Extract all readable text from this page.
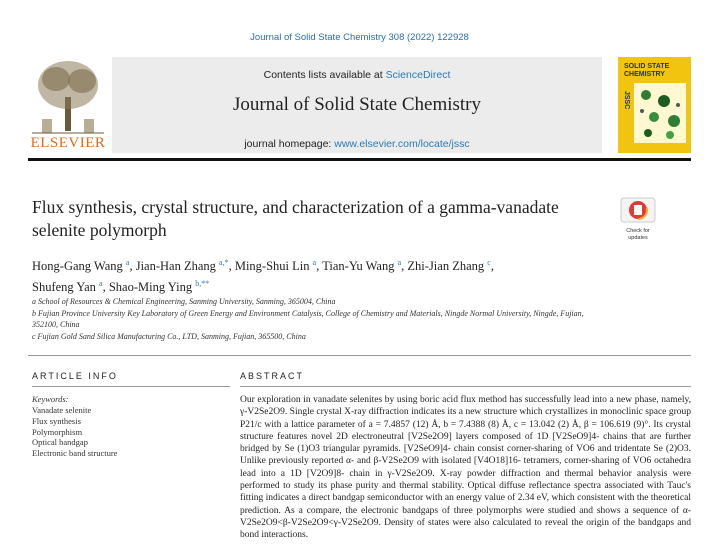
Journal of Solid State Chemistry 308 (2022) 122928
ELSEVIER
Contents lists available at ScienceDirect
Journal of Solid State Chemistry
journal homepage: www.elsevier.com/locate/jssc
SOLID STATE
CHEMISTRY
JSSC
Flux synthesis, crystal structure, and characterization of a gamma-vanadate selenite polymorph	Check for
updates
Hong-Gang Wang $^a$, Jian-Han Zhang $^{a,*}$, Ming-Shui Lin $^a$, Tian-Yu Wang $^a$, Zhi-Jian Zhang $^c$,
Shufeng Yan $^a$, Shao-Ming Ying $^{b,**}$
a School of Resources & Chemical Engineering, Sanming University, Sanming, 365004, China
b Fujian Province University Key Laboratory of Green Energy and Environment Catalysis, College of Chemistry and Materials, Ningde Normal University, Ningde, Fujian, 352100, China
c Fujian Gold Sand Silica Manufacturing Co., LTD, Sanming, Fujian, 365500, China
ARTICLE INFO	ABSTRACT
Keywords:
Vanadate selenite
Flux synthesis
Polymorphism
Optical bandgap
Electronic band structure
Our exploration in vanadate selenites by using boric acid flux method has successfully lead into a new phase, namely, γ-V2Se2O9. Single crystal X-ray diffraction indicates its a new structure which crystallizes in monoclinic space group P21/c with a lattice parameter of a = 7.4857 (12) Å, b = 7.4388 (8) Å, c = 13.042 (2) Å, β = 106.619 (9)°. Its crystal structure features novel 2D electroneutral [V2Se2O9] layers composed of 1D [V2SeO9]4- chains that are further bridged by Se (1)O3 triangular pyramids. [V2SeO9]4- chain consist corner-sharing of VO6 and tridentate Se (2)O3. Unlike previously reported α- and β-V2Se2O9 with isolated [V4O18]16- tetramers, corner-sharing of VO6 octahedra lead into a 1D [V2O9]8- chain in γ-V2Se2O9. X-ray powder diffraction and thermal behavior analysis were performed to study its phase purity and thermal stability. Optical diffuse reflectance spectra associated with Tauc's fitting indicates a direct bandgap semiconductor with an energy value of 2.34 eV, which consistent with the theoretical prediction. As a compare, the electronic bandgaps of three polymorphs were studied and shows a sequence of α-V2Se2O9<β-V2Se2O9<γ-V2Se2O9. Density of states were also calculated to reveal the origin of the bandgaps and bond interactions.
